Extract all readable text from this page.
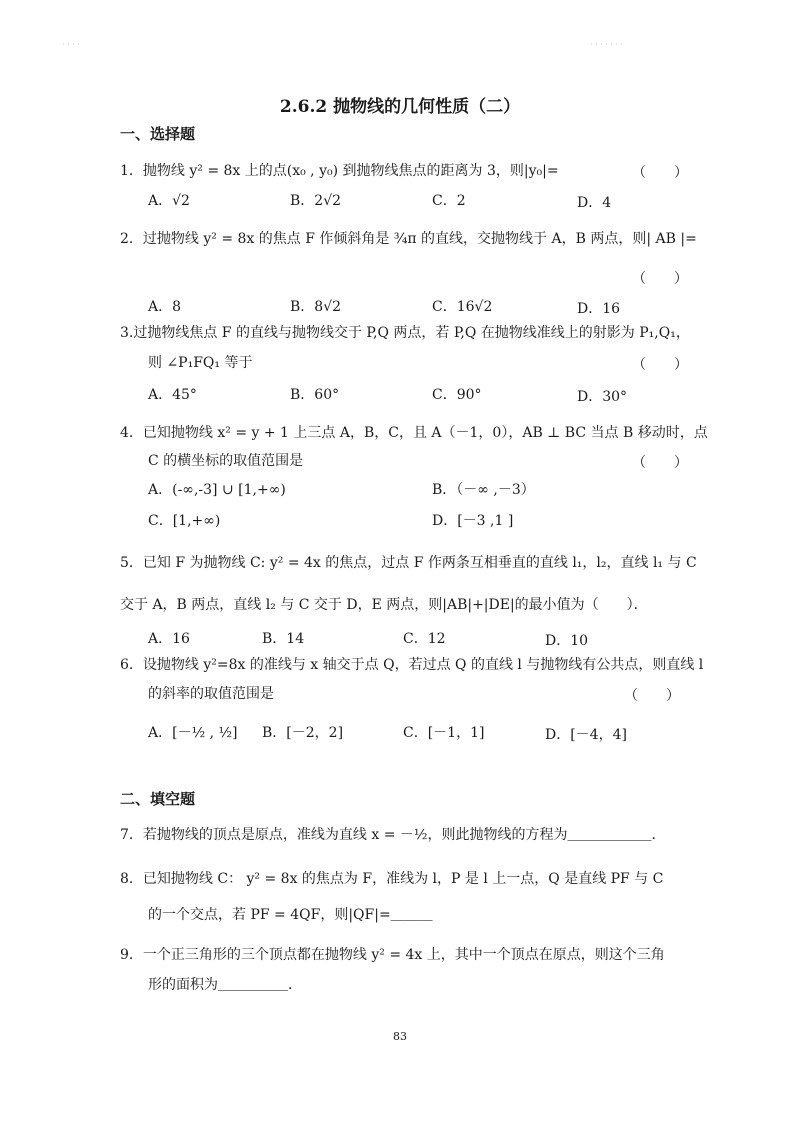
· · · ·	· · · · · · ·
2.6.2 抛物线的几何性质（二）
一、选择题
1．抛物线 y² = 8x 上的点(x₀ , y₀) 到抛物线焦点的距离为 3，则|y₀|=	（　　）
A．√2	B．2√2	C．2	D．4
2．过抛物线 y² = 8x 的焦点 F 作倾斜角是 ¾π 的直线，交抛物线于 A，B 两点，则| AB |=
（　　）
A．8	B．8√2	C．16√2	D．16
3.过抛物线焦点 F 的直线与抛物线交于 P,Q 两点，若 P,Q 在抛物线准线上的射影为 P₁,Q₁，
则 ∠P₁FQ₁ 等于	（　　）
A．45°	B．60°	C．90°	D．30°
4．已知抛物线 x² = y + 1 上三点 A，B，C，且 A（－1，0），AB ⊥ BC 当点 B 移动时，点
C 的横坐标的取值范围是	（　　）
A．(-∞,-3] ∪ [1,+∞)	B．（－∞ ,－3）
C．[1,+∞)	D．[－3 ,1 ]
5．已知 F 为抛物线 C: y² = 4x 的焦点，过点 F 作两条互相垂直的直线 l₁，l₂，直线 l₁ 与 C
交于 A，B 两点，直线 l₂ 与 C 交于 D，E 两点，则|AB|+|DE|的最小值为（　　）．
A．16	B．14	C．12	D．10
6．设抛物线 y²=8x 的准线与 x 轴交于点 Q，若过点 Q 的直线 l 与抛物线有公共点，则直线 l
的斜率的取值范围是	（　　）
A．[－½ , ½] B．[－2，2]	C．[－1，1]	D．[－4，4]
二、填空题
7．若抛物线的顶点是原点，准线为直线 x = －½，则此抛物线的方程为＿＿＿＿＿＿．
8．已知抛物线 C： y² = 8x 的焦点为 F，准线为 l，P 是 l 上一点，Q 是直线 PF 与 C
的一个交点，若 PF = 4QF，则|QF|=＿＿＿
9．一个正三角形的三个顶点都在抛物线 y² = 4x 上，其中一个顶点在原点，则这个三角
形的面积为＿＿＿＿＿．
83
